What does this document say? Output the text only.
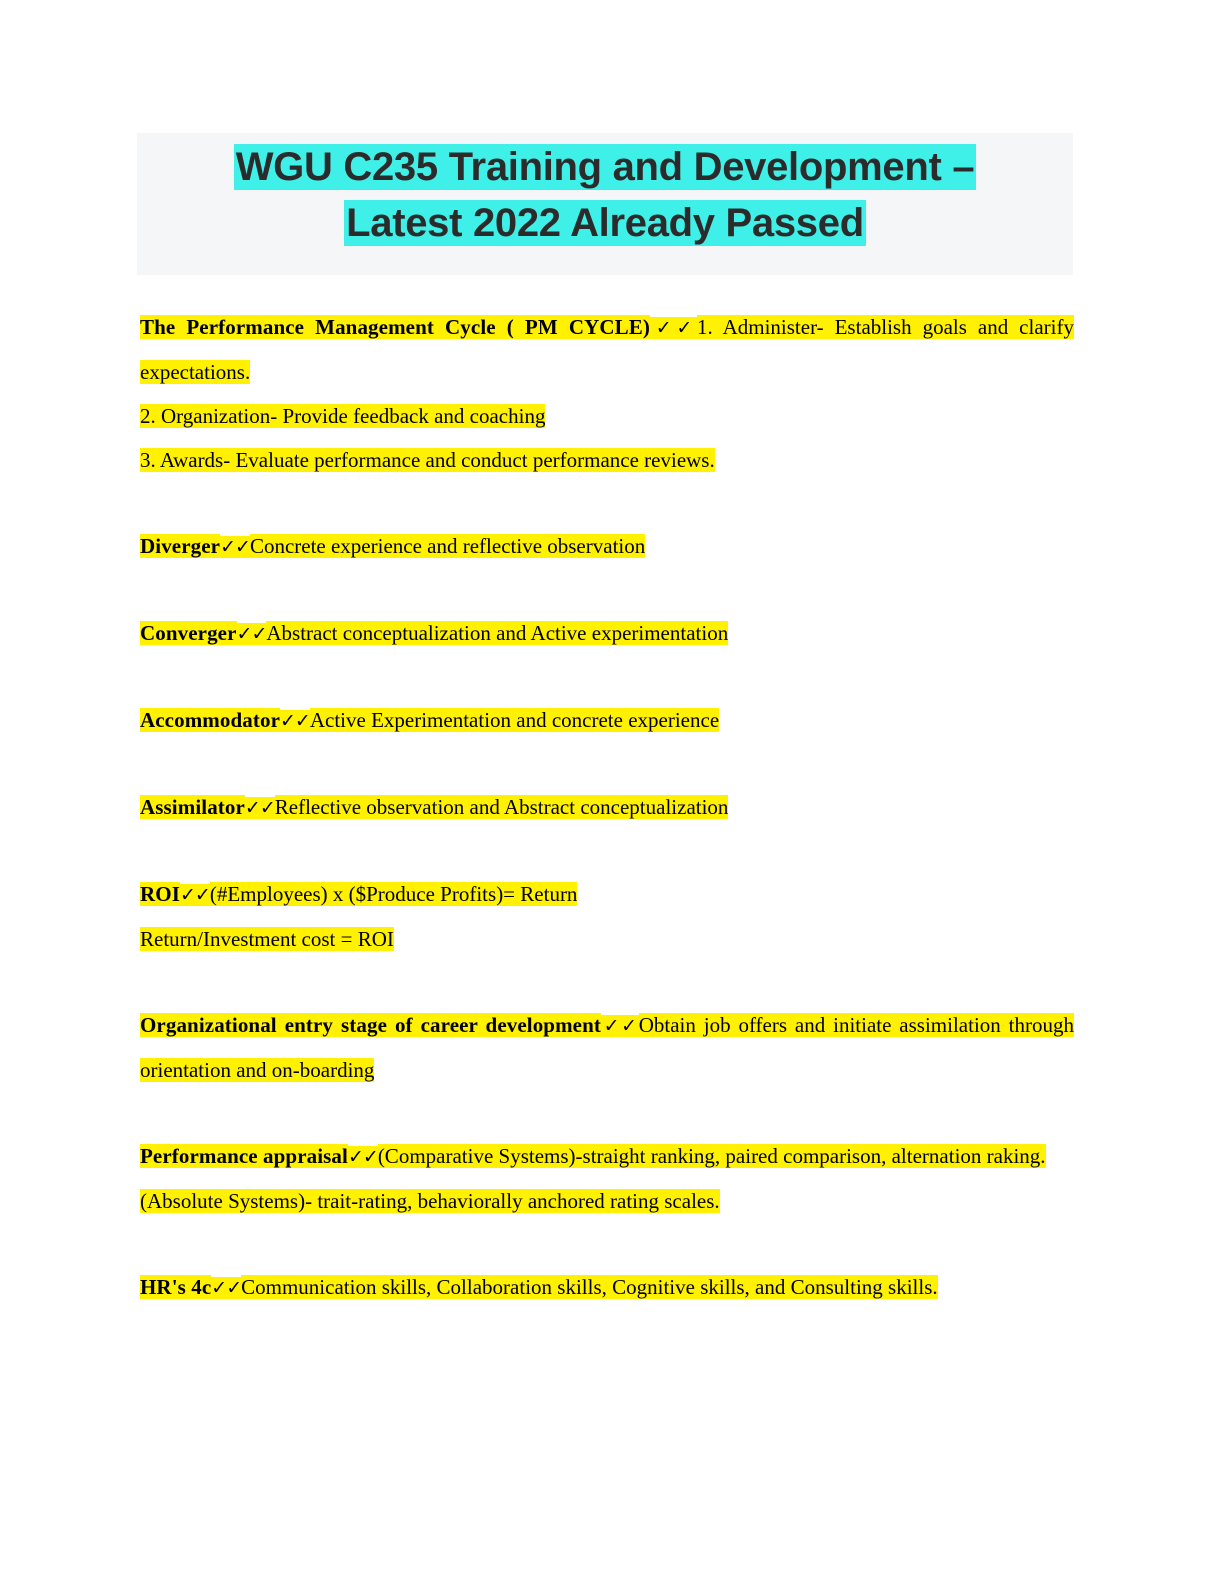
WGU C235 Training and Development –
Latest 2022 Already Passed

The Performance Management Cycle ( PM CYCLE)✓✓1. Administer- Establish goals and clarify expectations.

2. Organization- Provide feedback and coaching

3. Awards- Evaluate performance and conduct performance reviews.

Diverger✓✓Concrete experience and reflective observation

Converger✓✓Abstract conceptualization and Active experimentation

Accommodator✓✓Active Experimentation and concrete experience

Assimilator✓✓Reflective observation and Abstract conceptualization

ROI✓✓(#Employees) x ($Produce Profits)= Return

Return/Investment cost = ROI

Organizational entry stage of career development✓✓Obtain job offers and initiate assimilation through orientation and on-boarding

Performance appraisal✓✓(Comparative Systems)-straight ranking, paired comparison, alternation raking.

(Absolute Systems)- trait-rating, behaviorally anchored rating scales.

HR's 4c✓✓Communication skills, Collaboration skills, Cognitive skills, and Consulting skills.
